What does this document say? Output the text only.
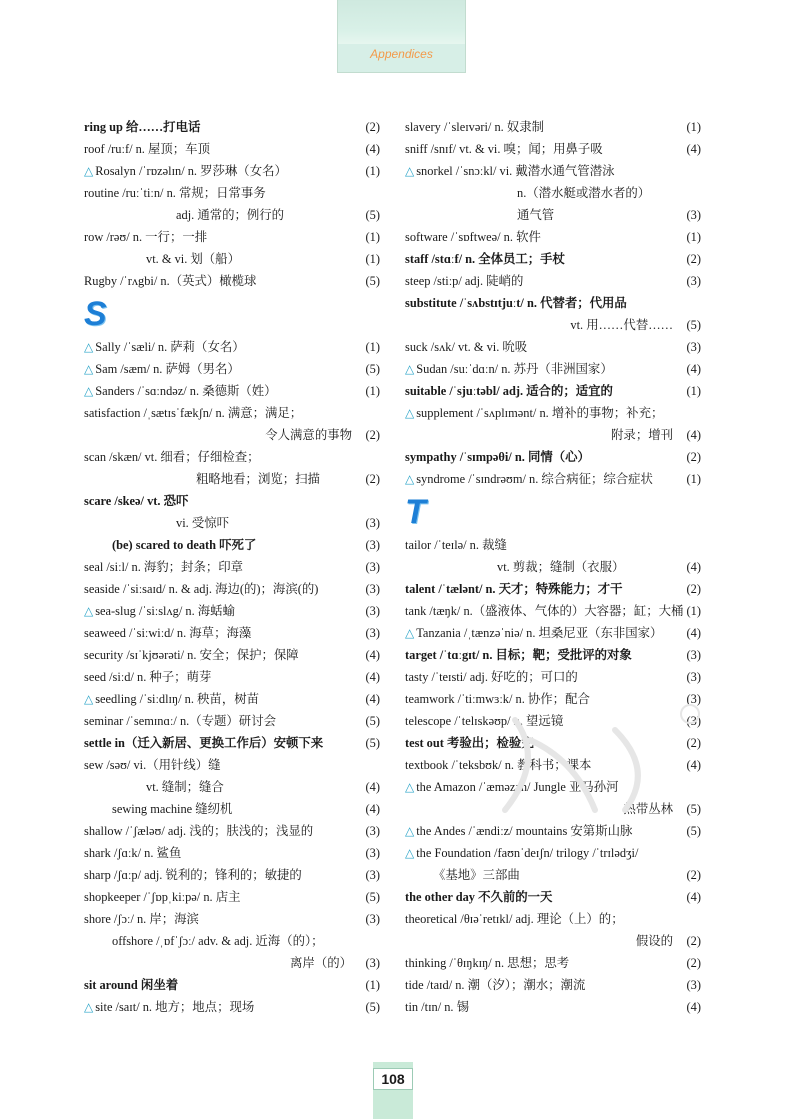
Appendices
ring up 给……打电话	(2)
roof /ruːf/ n. 屋顶；车顶	(4)
△ Rosalyn /ˈrɒzəlɪn/ n. 罗莎琳（女名）	(1)
routine /ruːˈtiːn/ n. 常规；日常事务
adj. 通常的；例行的	(5)
row /rəʊ/ n. 一行；一排	(1)
vt. & vi. 划（船）	(1)
Rugby /ˈrʌgbi/ n.（英式）橄榄球	(5)
S
△ Sally /ˈsæli/ n. 萨莉（女名）	(1)
△ Sam /sæm/ n. 萨姆（男名）	(5)
△ Sanders /ˈsɑːndəz/ n. 桑德斯（姓）	(1)
satisfaction /ˌsætɪsˈfækʃn/ n. 满意；满足；
令人满意的事物 (2)
scan /skæn/ vt. 细看；仔细检查；
粗略地看；浏览；扫描	(2)
scare /skeə/ vt. 恐吓
vi. 受惊吓	(3)
(be) scared to death 吓死了	(3)
seal /siːl/ n. 海豹；封条；印章	(3)
seaside /ˈsiːsaɪd/ n. & adj. 海边(的)；海滨(的)	(3)
△ sea-slug /ˈsiːslʌg/ n. 海蛞蝓	(3)
seaweed /ˈsiːwiːd/ n. 海草；海藻	(3)
security /sɪˈkjʊərəti/ n. 安全；保护；保障	(4)
seed /siːd/ n. 种子；萌芽	(4)
△ seedling /ˈsiːdlɪŋ/ n. 秧苗，树苗	(4)
seminar /ˈsemɪnɑː/ n.（专题）研讨会	(5)
settle in（迁入新居、更换工作后）安顿下来	(5)
sew /səʊ/ vi.（用针线）缝
vt. 缝制；缝合	(4)
sewing machine 缝纫机	(4)
shallow /ˈʃæləʊ/ adj. 浅的；肤浅的；浅显的	(3)
shark /ʃɑːk/ n. 鲨鱼	(3)
sharp /ʃɑːp/ adj. 锐利的；锋利的；敏捷的	(3)
shopkeeper /ˈʃɒpˌkiːpə/ n. 店主	(5)
shore /ʃɔː/ n. 岸；海滨	(3)
offshore /ˌɒfˈʃɔː/ adv. & adj. 近海（的）；
离岸（的） (3)
sit around 闲坐着	(1)
△ site /saɪt/ n. 地方；地点；现场	(5)
slavery /ˈsleɪvəri/ n. 奴隶制	(1)
sniff /snɪf/ vt. & vi. 嗅；闻；用鼻子吸	(4)
△ snorkel /ˈsnɔːkl/ vi. 戴潜水通气管潜泳
n.（潜水艇或潜水者的）
通气管	(3)
software /ˈsɒftweə/ n. 软件	(1)
staff /stɑːf/ n. 全体员工；手杖	(2)
steep /stiːp/ adj. 陡峭的	(3)
substitute /ˈsʌbstɪtjuːt/ n. 代替者；代用品
vt. 用……代替…… (5)
suck /sʌk/ vt. & vi. 吮吸	(3)
△ Sudan /suːˈdɑːn/ n. 苏丹（非洲国家）	(4)
suitable /ˈsjuːtəbl/ adj. 适合的；适宜的	(1)
△ supplement /ˈsʌplɪmənt/ n. 增补的事物；补充；
附录；增刊 (4)
sympathy /ˈsɪmpəθi/ n. 同情（心）	(2)
△ syndrome /ˈsɪndrəʊm/ n. 综合病征；综合症状	(1)
T
tailor /ˈteɪlə/ n. 裁缝
vt. 剪裁；缝制（衣服）	(4)
talent /ˈtælənt/ n. 天才；特殊能力；才干	(2)
tank /tæŋk/ n.（盛液体、气体的）大容器；缸；大桶 (1)
△ Tanzania /ˌtænzəˈniə/ n. 坦桑尼亚（东非国家） (4)
target /ˈtɑːgɪt/ n. 目标；靶；受批评的对象	(3)
tasty /ˈteɪsti/ adj. 好吃的；可口的	(3)
teamwork /ˈtiːmwɜːk/ n. 协作；配合	(3)
telescope /ˈtelɪskəʊp/ n. 望远镜	(3)
test out 考验出；检验完	(2)
textbook /ˈteksbʊk/ n. 教科书；课本	(4)
△ the Amazon /ˈæməzən/ Jungle 亚马孙河
热带丛林 (5)
△ the Andes /ˈændiːz/ mountains 安第斯山脉	(5)
△ the Foundation /faʊnˈdeɪʃn/ trilogy /ˈtrɪlədʒi/
《基地》三部曲	(2)
the other day 不久前的一天	(4)
theoretical /θɪəˈretɪkl/ adj. 理论（上）的；
假设的 (2)
thinking /ˈθɪŋkɪŋ/ n. 思想；思考	(2)
tide /taɪd/ n. 潮（汐）；潮水；潮流	(3)
tin /tɪn/ n. 锡	(4)
108
